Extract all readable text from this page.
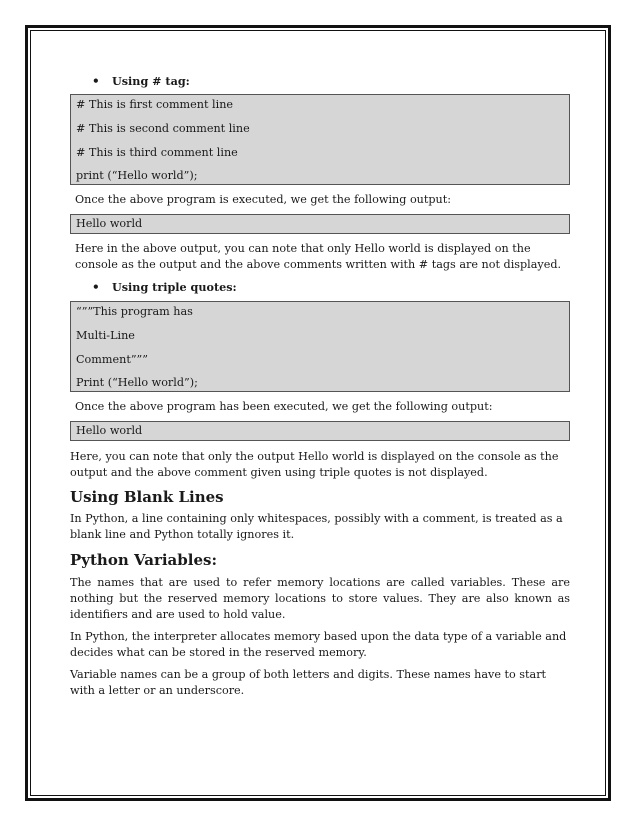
•	Using # tag:
# This is first comment line
# This is second comment line
# This is third comment line
print (“Hello world”);

Once the above program is executed, we get the following output:

Hello world

Here in the above output, you can note that only Hello world is displayed on the console as the output and the above comments written with # tags are not displayed.

•	Using triple quotes:
“””This program has
Multi-Line
Comment”””
Print (“Hello world”);

Once the above program has been executed, we get the following output:

Hello world

Here, you can note that only the output Hello world is displayed on the console as the output and the above comment given using triple quotes is not displayed.

Using Blank Lines

In Python, a line containing only whitespaces, possibly with a comment, is treated as a blank line and Python totally ignores it.

Python Variables:

The names that are used to refer memory locations are called variables. These are nothing but the reserved memory locations to store values. They are also known as identifiers and are used to hold value.

In Python, the interpreter allocates memory based upon the data type of a variable and decides what can be stored in the reserved memory.

Variable names can be a group of both letters and digits. These names have to start with a letter or an underscore.
